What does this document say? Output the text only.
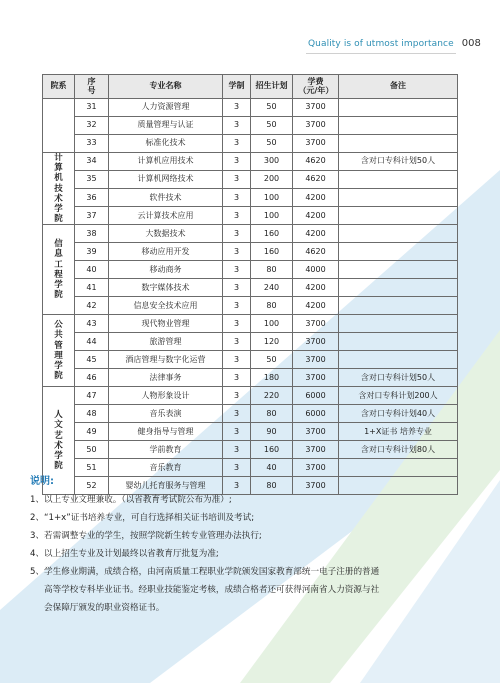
Quality is of utmost importance 008
院系	序号	专业名称	学制	招生计划	学费（元/年）	备注
	31	人力资源管理	3	50	3700	
	32	质量管理与认证	3	50	3700	
	33	标准化技术	3	50	3700	
计算机技术学院	34	计算机应用技术	3	300	4620	含对口专科计划50人
	35	计算机网络技术	3	200	4620	
	36	软件技术	3	100	4200	
	37	云计算技术应用	3	100	4200	
信息工程学院	38	大数据技术	3	160	4200	
	39	移动应用开发	3	160	4620	
	40	移动商务	3	80	4000	
	41	数字媒体技术	3	240	4200	
	42	信息安全技术应用	3	80	4200	
公共管理学院	43	现代物业管理	3	100	3700	
	44	旅游管理	3	120	3700	
	45	酒店管理与数字化运营	3	50	3700	
	46	法律事务	3	180	3700	含对口专科计划50人
人文艺术学院	47	人物形象设计	3	220	6000	含对口专科计划200人
	48	音乐表演	3	80	6000	含对口专科计划40人
	49	健身指导与管理	3	90	3700	1+X证书 培养专业
	50	学前教育	3	160	3700	含对口专科计划80人
	51	音乐教育	3	40	3700	
	52	婴幼儿托育服务与管理	3	80	3700	
说明:
1、以上专业文理兼收。（以省教育考试院公布为准）;
2、“1+x”证书培养专业，可自行选择相关证书培训及考试;
3、若需调整专业的学生，按照学院新生转专业管理办法执行;
4、以上招生专业及计划最终以省教育厅批复为准;
5、学生修业期满，成绩合格，由河南质量工程职业学院颁发国家教育部统一电子注册的普通
高等学校专科毕业证书。经职业技能鉴定考核，成绩合格者还可获得河南省人力资源与社
会保障厅颁发的职业资格证书。
